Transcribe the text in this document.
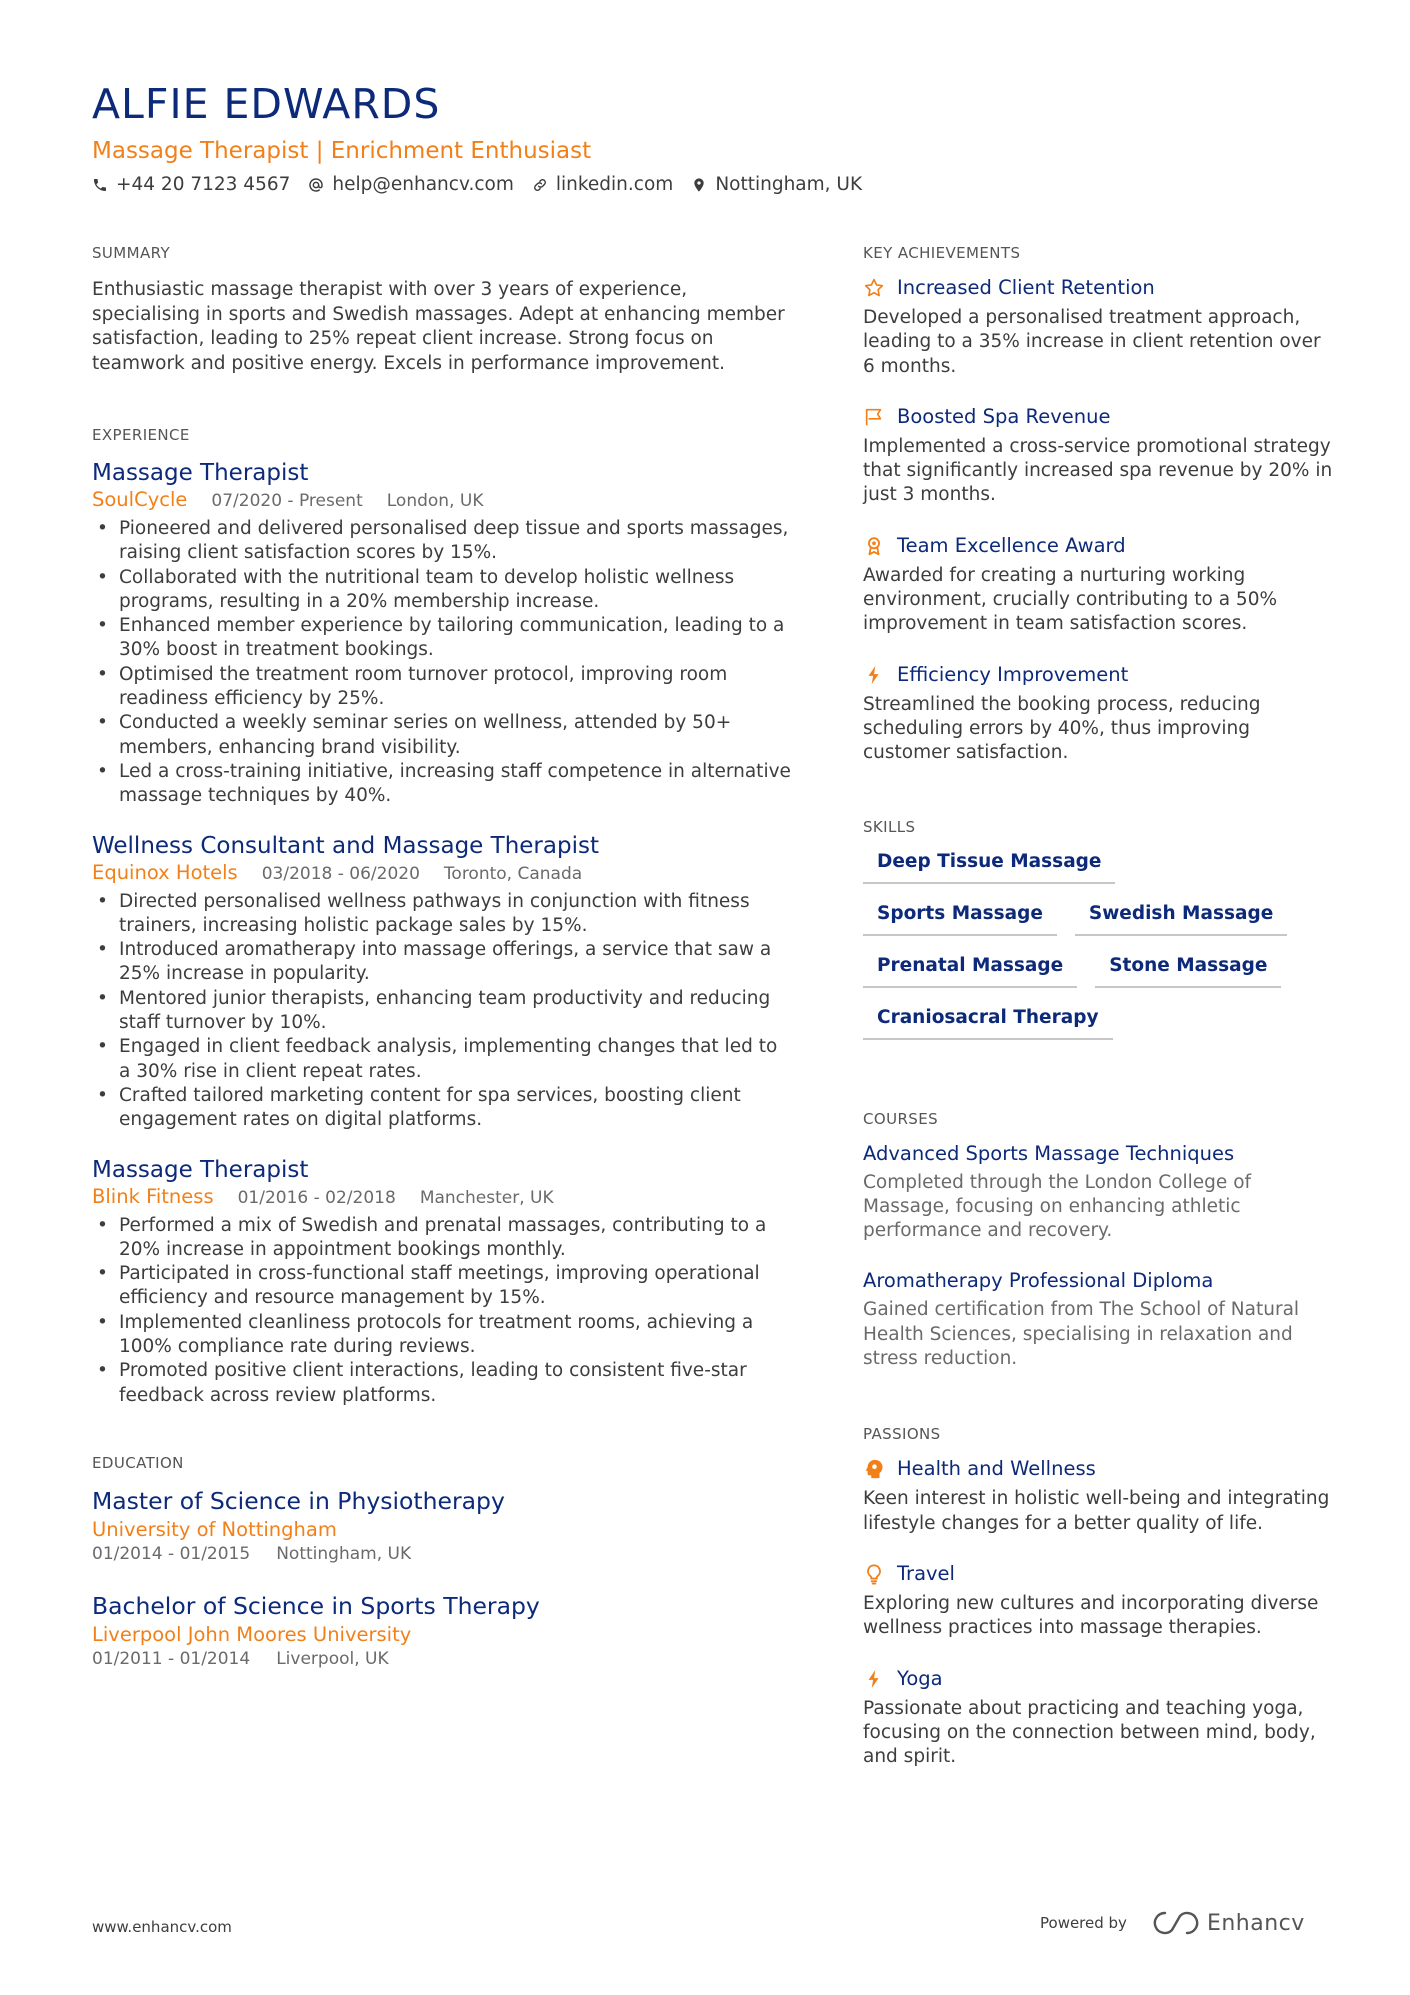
ALFIE EDWARDS
Massage Therapist | Enrichment Enthusiast
+44 20 7123 4567 help@enhancv.com linkedin.com Nottingham, UK
SUMMARY
Enthusiastic massage therapist with over 3 years of experience, specialising in sports and Swedish massages. Adept at enhancing member satisfaction, leading to 25% repeat client increase. Strong focus on teamwork and positive energy. Excels in performance improvement.
EXPERIENCE
Massage Therapist
SoulCycle 07/2020 - Present London, UK
• Pioneered and delivered personalised deep tissue and sports massages, raising client satisfaction scores by 15%.
• Collaborated with the nutritional team to develop holistic wellness programs, resulting in a 20% membership increase.
• Enhanced member experience by tailoring communication, leading to a 30% boost in treatment bookings.
• Optimised the treatment room turnover protocol, improving room readiness efficiency by 25%.
• Conducted a weekly seminar series on wellness, attended by 50+ members, enhancing brand visibility.
• Led a cross-training initiative, increasing staff competence in alternative massage techniques by 40%.
Wellness Consultant and Massage Therapist
Equinox Hotels 03/2018 - 06/2020 Toronto, Canada
• Directed personalised wellness pathways in conjunction with fitness trainers, increasing holistic package sales by 15%.
• Introduced aromatherapy into massage offerings, a service that saw a 25% increase in popularity.
• Mentored junior therapists, enhancing team productivity and reducing staff turnover by 10%.
• Engaged in client feedback analysis, implementing changes that led to a 30% rise in client repeat rates.
• Crafted tailored marketing content for spa services, boosting client engagement rates on digital platforms.
Massage Therapist
Blink Fitness 01/2016 - 02/2018 Manchester, UK
• Performed a mix of Swedish and prenatal massages, contributing to a 20% increase in appointment bookings monthly.
• Participated in cross-functional staff meetings, improving operational efficiency and resource management by 15%.
• Implemented cleanliness protocols for treatment rooms, achieving a 100% compliance rate during reviews.
• Promoted positive client interactions, leading to consistent five-star feedback across review platforms.
EDUCATION
Master of Science in Physiotherapy
University of Nottingham
01/2014 - 01/2015 Nottingham, UK
Bachelor of Science in Sports Therapy
Liverpool John Moores University
01/2011 - 01/2014 Liverpool, UK
KEY ACHIEVEMENTS
Increased Client Retention
Developed a personalised treatment approach, leading to a 35% increase in client retention over 6 months.
Boosted Spa Revenue
Implemented a cross-service promotional strategy that significantly increased spa revenue by 20% in just 3 months.
Team Excellence Award
Awarded for creating a nurturing working environment, crucially contributing to a 50% improvement in team satisfaction scores.
Efficiency Improvement
Streamlined the booking process, reducing scheduling errors by 40%, thus improving customer satisfaction.
SKILLS
Deep Tissue Massage
Sports Massage	Swedish Massage
Prenatal Massage	Stone Massage
Craniosacral Therapy
COURSES
Advanced Sports Massage Techniques
Completed through the London College of Massage, focusing on enhancing athletic performance and recovery.
Aromatherapy Professional Diploma
Gained certification from The School of Natural Health Sciences, specialising in relaxation and stress reduction.
PASSIONS
Health and Wellness
Keen interest in holistic well-being and integrating lifestyle changes for a better quality of life.
Travel
Exploring new cultures and incorporating diverse wellness practices into massage therapies.
Yoga
Passionate about practicing and teaching yoga, focusing on the connection between mind, body, and spirit.
www.enhancv.com	Powered by	Enhancv
